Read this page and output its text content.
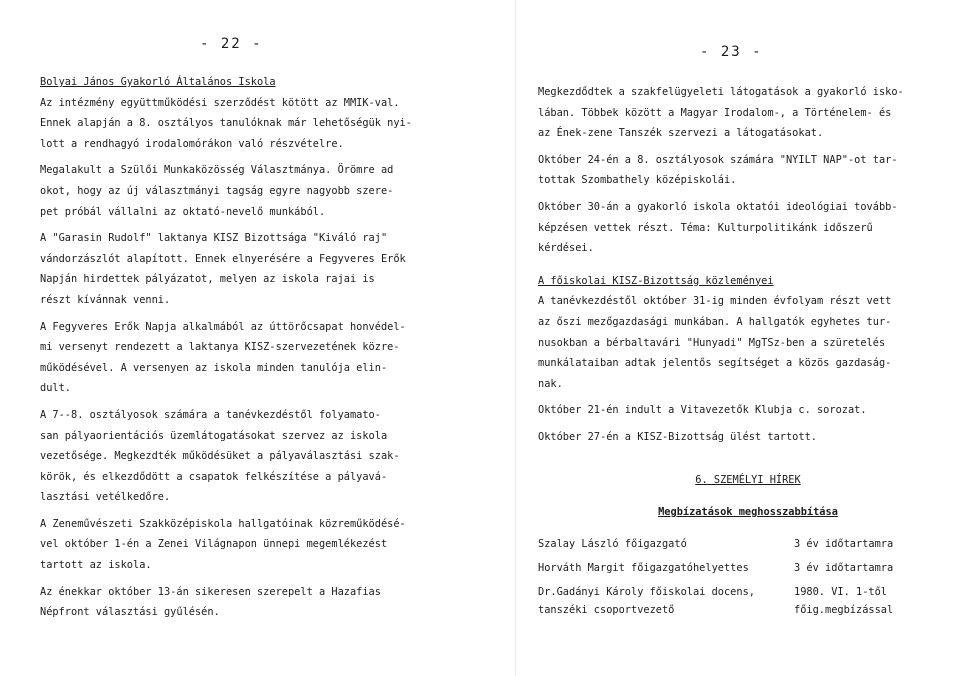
- 22 -	- 23 -
Bolyai János Gyakorló Általános Iskola
Az intézmény együttműködési szerződést kötött az MMIK-val.
Ennek alapján a 8. osztályos tanulóknak már lehetőségük nyi-
lott a rendhagyó irodalomórákon való részvételre.
Megalakult a Szülői Munkaközösség Választmánya. Örömre ad
okot, hogy az új választmányi tagság egyre nagyobb szere-
pet próbál vállalni az oktató-nevelő munkából.
A "Garasin Rudolf" laktanya KISZ Bizottsága "Kiváló raj"
vándorzászlót alapított. Ennek elnyerésére a Fegyveres Erők
Napján hirdettek pályázatot, melyen az iskola rajai is
részt kívánnak venni.
A Fegyveres Erők Napja alkalmából az úttörőcsapat honvédel-
mi versenyt rendezett a laktanya KISZ-szervezetének közre-
működésével. A versenyen az iskola minden tanulója elin-
dult.
A 7--8. osztályosok számára a tanévkezdéstől folyamato-
san pályaorientációs üzemlátogatásokat szervez az iskola
vezetősége. Megkezdték működésüket a pályaválasztási szak-
körök, és elkezdődött a csapatok felkészítése a pályavá-
lasztási vetélkedőre.
A Zeneművészeti Szakközépiskola hallgatóinak közreműködésé-
vel október 1-én a Zenei Világnapon ünnepi megemlékezést
tartott az iskola.
Az énekkar október 13-án sikeresen szerepelt a Hazafias
Népfront választási gyűlésén.
Megkezdődtek a szakfelügyeleti látogatások a gyakorló isko-
lában. Többek között a Magyar Irodalom-, a Történelem- és
az Ének-zene Tanszék szervezi a látogatásokat.
Október 24-én a 8. osztályosok számára "NYILT NAP"-ot tar-
tottak Szombathely középiskolái.
Október 30-án a gyakorló iskola oktatói ideológiai tovább-
képzésen vettek részt. Téma: Kulturpolitikánk időszerű
kérdései.
A főiskolai KISZ-Bizottság közleményei
A tanévkezdéstől október 31-ig minden évfolyam részt vett
az őszi mezőgazdasági munkában. A hallgatók egyhetes tur-
nusokban a bérbaltavári "Hunyadi" MgTSz-ben a szüretelés
munkálataiban adtak jelentős segítséget a közös gazdaság-
nak.
Október 21-én indult a Vitavezetők Klubja c. sorozat.
Október 27-én a KISZ-Bizottság ülést tartott.
6. SZEMÉLYI HÍREK
Megbízatások meghosszabbítása
Szalay László főigazgató	3 év időtartamra
Horváth Margit főigazgatóhelyettes	3 év időtartamra
Dr.Gadányi Károly főiskolai docens,	1980. VI. 1-től
tanszéki csoportvezető	főig.megbízással
